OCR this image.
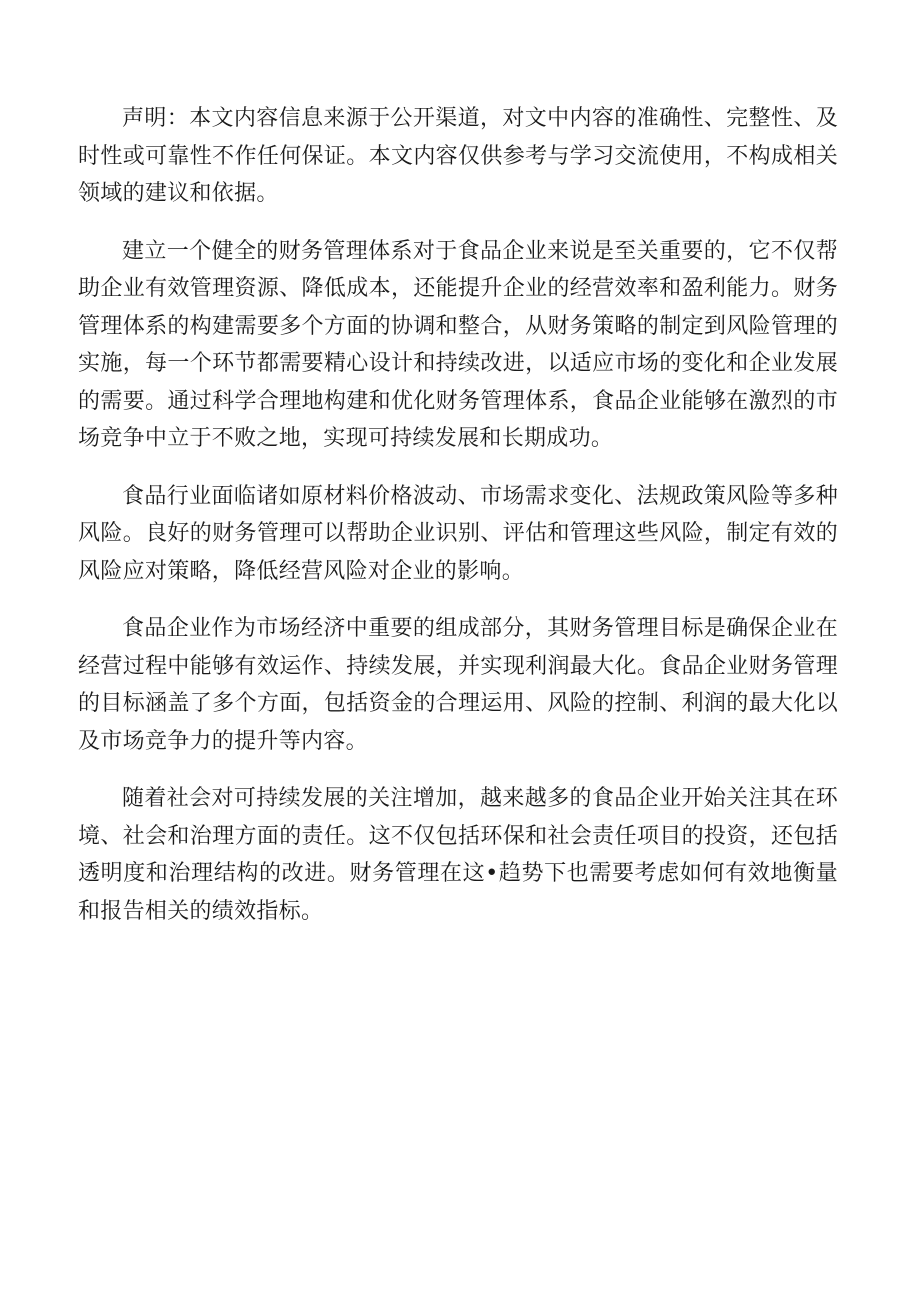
声明：本文内容信息来源于公开渠道，对文中内容的准确性、完整性、及时性或可靠性不作任何保证。本文内容仅供参考与学习交流使用，不构成相关领域的建议和依据。

建立一个健全的财务管理体系对于食品企业来说是至关重要的，它不仅帮助企业有效管理资源、降低成本，还能提升企业的经营效率和盈利能力。财务管理体系的构建需要多个方面的协调和整合，从财务策略的制定到风险管理的实施，每一个环节都需要精心设计和持续改进，以适应市场的变化和企业发展的需要。通过科学合理地构建和优化财务管理体系，食品企业能够在激烈的市场竞争中立于不败之地，实现可持续发展和长期成功。

食品行业面临诸如原材料价格波动、市场需求变化、法规政策风险等多种风险。良好的财务管理可以帮助企业识别、评估和管理这些风险，制定有效的风险应对策略，降低经营风险对企业的影响。

食品企业作为市场经济中重要的组成部分，其财务管理目标是确保企业在经营过程中能够有效运作、持续发展，并实现利润最大化。食品企业财务管理的目标涵盖了多个方面，包括资金的合理运用、风险的控制、利润的最大化以及市场竞争力的提升等内容。

随着社会对可持续发展的关注增加，越来越多的食品企业开始关注其在环境、社会和治理方面的责任。这不仅包括环保和社会责任项目的投资，还包括透明度和治理结构的改进。财务管理在这•趋势下也需要考虑如何有效地衡量和报告相关的绩效指标。
